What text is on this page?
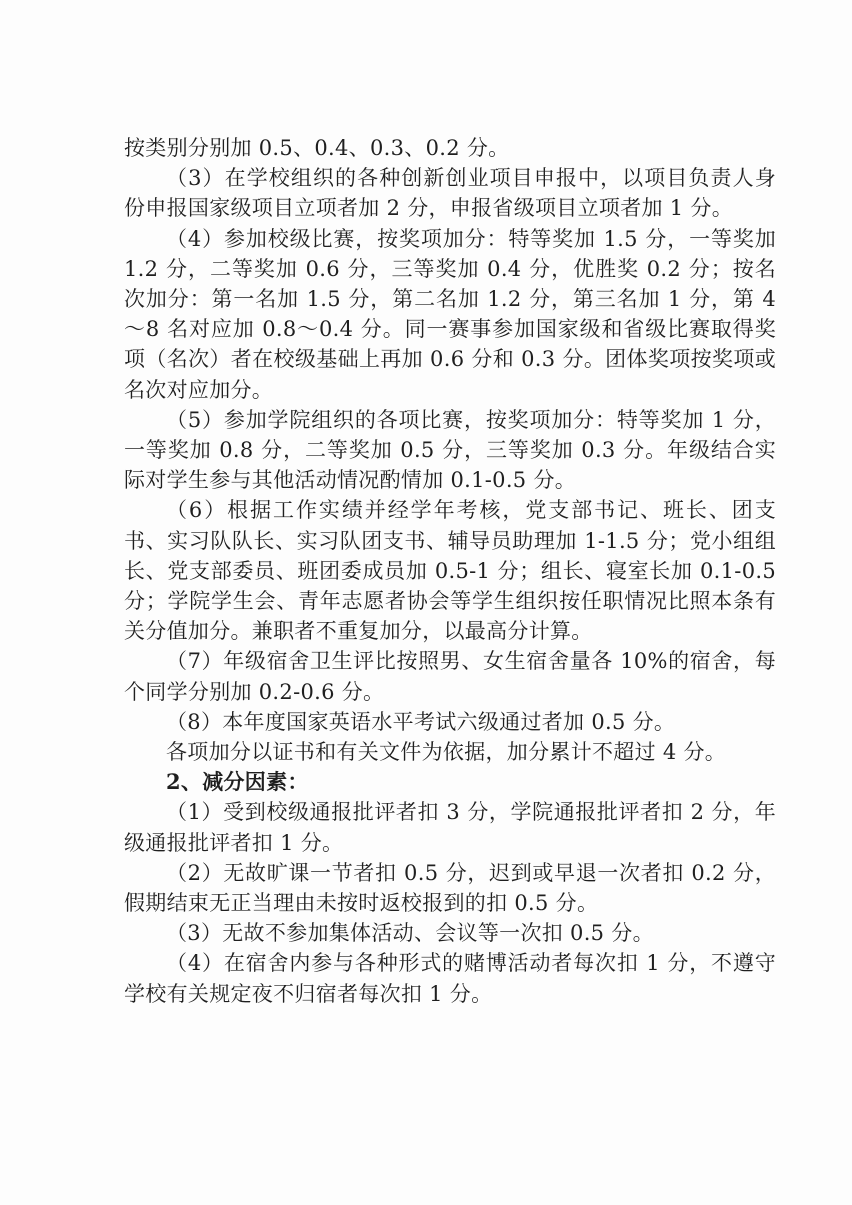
按类别分别加 0.5、0.4、0.3、0.2 分。

（3）在学校组织的各种创新创业项目申报中，以项目负责人身份申报国家级项目立项者加 2 分，申报省级项目立项者加 1 分。

（4）参加校级比赛，按奖项加分：特等奖加 1.5 分，一等奖加 1.2 分，二等奖加 0.6 分，三等奖加 0.4 分，优胜奖 0.2 分；按名次加分：第一名加 1.5 分，第二名加 1.2 分，第三名加 1 分，第 4～8 名对应加 0.8～0.4 分。同一赛事参加国家级和省级比赛取得奖项（名次）者在校级基础上再加 0.6 分和 0.3 分。团体奖项按奖项或名次对应加分。

（5）参加学院组织的各项比赛，按奖项加分：特等奖加 1 分，一等奖加 0.8 分，二等奖加 0.5 分，三等奖加 0.3 分。年级结合实际对学生参与其他活动情况酌情加 0.1-0.5 分。

（6）根据工作实绩并经学年考核，党支部书记、班长、团支书、实习队队长、实习队团支书、辅导员助理加 1-1.5 分；党小组组长、党支部委员、班团委成员加 0.5-1 分；组长、寝室长加 0.1-0.5 分；学院学生会、青年志愿者协会等学生组织按任职情况比照本条有关分值加分。兼职者不重复加分，以最高分计算。

（7）年级宿舍卫生评比按照男、女生宿舍量各 10%的宿舍，每个同学分别加 0.2-0.6 分。

（8）本年度国家英语水平考试六级通过者加 0.5 分。

各项加分以证书和有关文件为依据，加分累计不超过 4 分。

2、减分因素：

（1）受到校级通报批评者扣 3 分，学院通报批评者扣 2 分，年级通报批评者扣 1 分。

（2）无故旷课一节者扣 0.5 分，迟到或早退一次者扣 0.2 分，假期结束无正当理由未按时返校报到的扣 0.5 分。

（3）无故不参加集体活动、会议等一次扣 0.5 分。

（4）在宿舍内参与各种形式的赌博活动者每次扣 1 分，不遵守学校有关规定夜不归宿者每次扣 1 分。
